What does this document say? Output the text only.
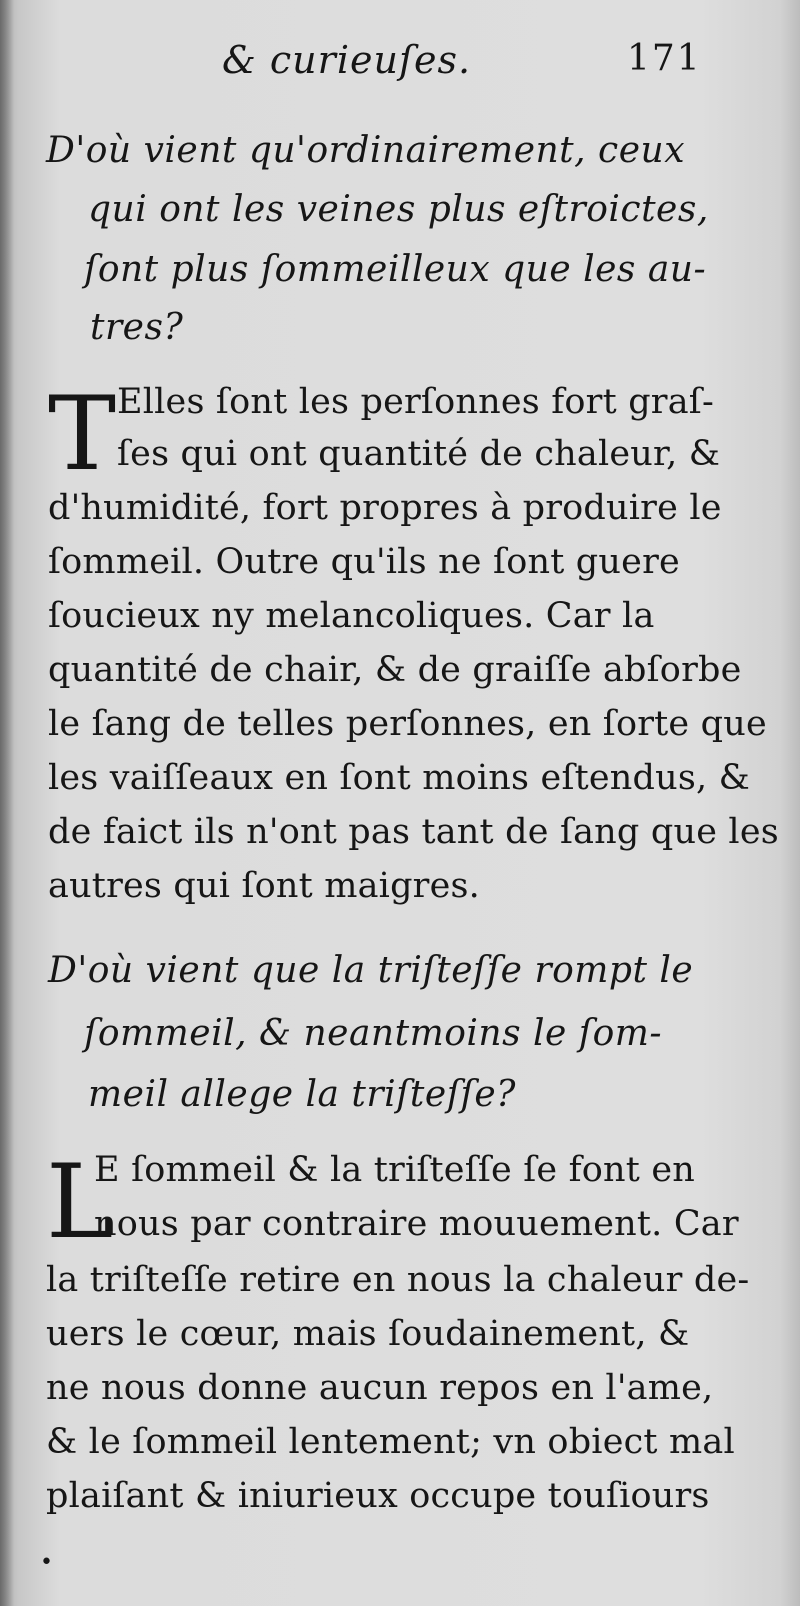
& curieuſes.	171
D'où vient qu'ordinairement, ceux
qui ont les veines plus eſtroictes,
ſont plus ſommeilleux que les au-
tres?
T Elles ſont les perſonnes fort graſ-
ſes qui ont quantité de chaleur, &
d'humidité, fort propres à produire le
ſommeil. Outre qu'ils ne ſont guere
ſoucieux ny melancoliques. Car la
quantité de chair, & de graiſſe abſorbe
le ſang de telles perſonnes, en ſorte que
les vaiſſeaux en ſont moins eſtendus, &
de faict ils n'ont pas tant de ſang que les
autres qui ſont maigres.
D'où vient que la triſteſſe rompt le
ſommeil, & neantmoins le ſom-
meil allege la triſteſſe?
L
E ſommeil & la triſteſſe ſe font en
nous par contraire mouuement. Car
la triſteſſe retire en nous la chaleur de-
uers le cœur, mais ſoudainement, &
ne nous donne aucun repos en l'ame,
& le ſommeil lentement; vn obiect mal
plaiſant & iniurieux occupe touſiours
•
